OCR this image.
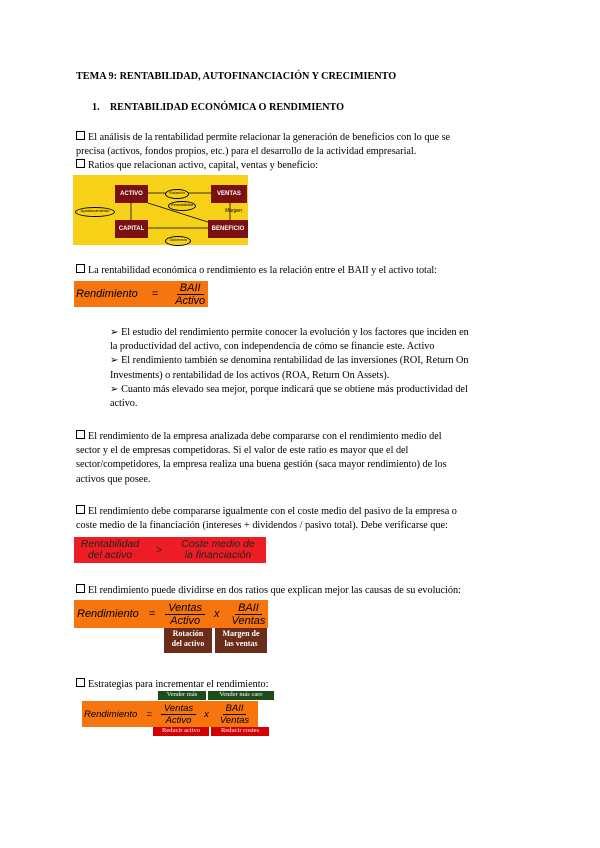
TEMA 9: RENTABILIDAD, AUTOFINANCIACIÓN Y CRECIMIENTO
1.    RENTABILIDAD ECONÓMICA O RENDIMIENTO
El análisis de la rentabilidad permite relacionar la generación de beneficios con lo que se
precisa (activos, fondos propios, etc.) para el desarrollo de la actividad empresarial.
Ratios que relacionan activo, capital, ventas y beneficio:
ACTIVO	VENTAS
CAPITAL	BENEFICIO
Rotación
Rentabilidad
Apalancamiento	Margen
Solvencia
La rentabilidad económica o rendimiento es la relación entre el BAII y el activo total:
Rendimiento = $\frac{\text{BAII}}{\text{Activo}}$
➢ El estudio del rendimiento permite conocer la evolución y los factores que inciden en
la productividad del activo, con independencia de cómo se financie este. Activo
➢ El rendimiento también se denomina rentabilidad de las inversiones (ROI, Return On
Investments) o rentabilidad de los activos (ROA, Return On Assets).
➢ Cuanto más elevado sea mejor, porque indicará que se obtiene más productividad del
activo.
El rendimiento de la empresa analizada debe compararse con el rendimiento medio del
sector y el de empresas competidoras. Si el valor de este ratio es mayor que el del
sector/competidores, la empresa realiza una buena gestión (saca mayor rendimiento) de los
activos que posee.
El rendimiento debe compararse igualmente con el coste medio del pasivo de la empresa o
coste medio de la financiación (intereses + dividendos / pasivo total). Debe verificarse que:
Rentabilidad
del activo	>	Coste medio de
la financiación
El rendimiento puede dividirse en dos ratios que explican mejor las causas de su evolución:
Rendimiento = $\frac{\text{Ventas}}{\text{Activo}}$ x $\frac{\text{BAII}}{\text{Ventas}}$
Rotación
del activo
Margen de
las ventas
Estrategias para incrementar el rendimiento:
Vender más	Vender más caro
Rendimiento = $\frac{\text{Ventas}}{\text{Activo}}$ x $\frac{\text{BAII}}{\text{Ventas}}$
Reducir activo	Reducir costes
